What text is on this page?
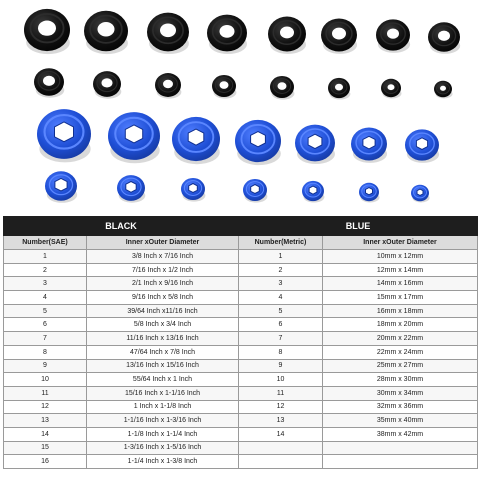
BLACK		BLUE	
Number(SAE)	Inner xOuter Diameter	Number(Metric)	Inner xOuter Diameter
1	3/8 Inch x 7/16 Inch	1	10mm x 12mm
2	7/16 Inch x 1/2 Inch	2	12mm x 14mm
3	2/1 Inch x 9/16 Inch	3	14mm x 16mm
4	9/16 Inch x 5/8 Inch	4	15mm x 17mm
5	39/64 Inch x11/16 Inch	5	16mm x 18mm
6	5/8 Inch x 3/4 Inch	6	18mm x 20mm
7	11/16 Inch x 13/16 Inch	7	20mm x 22mm
8	47/64 Inch x 7/8 Inch	8	22mm x 24mm
9	13/16 Inch x 15/16 Inch	9	25mm x 27mm
10	55/64 Inch x 1 Inch	10	28mm x 30mm
11	15/16 Inch x 1-1/16 Inch	11	30mm x 34mm
12	1 Inch x 1-1/8 Inch	12	32mm x 36mm
13	1-1/16 Inch x 1-3/16 Inch	13	35mm x 40mm
14	1-1/8 Inch x 1-1/4 Inch	14	38mm x 42mm
15	1-3/16 Inch x 1-5/16 Inch		
16	1-1/4 Inch x 1-3/8 Inch		
